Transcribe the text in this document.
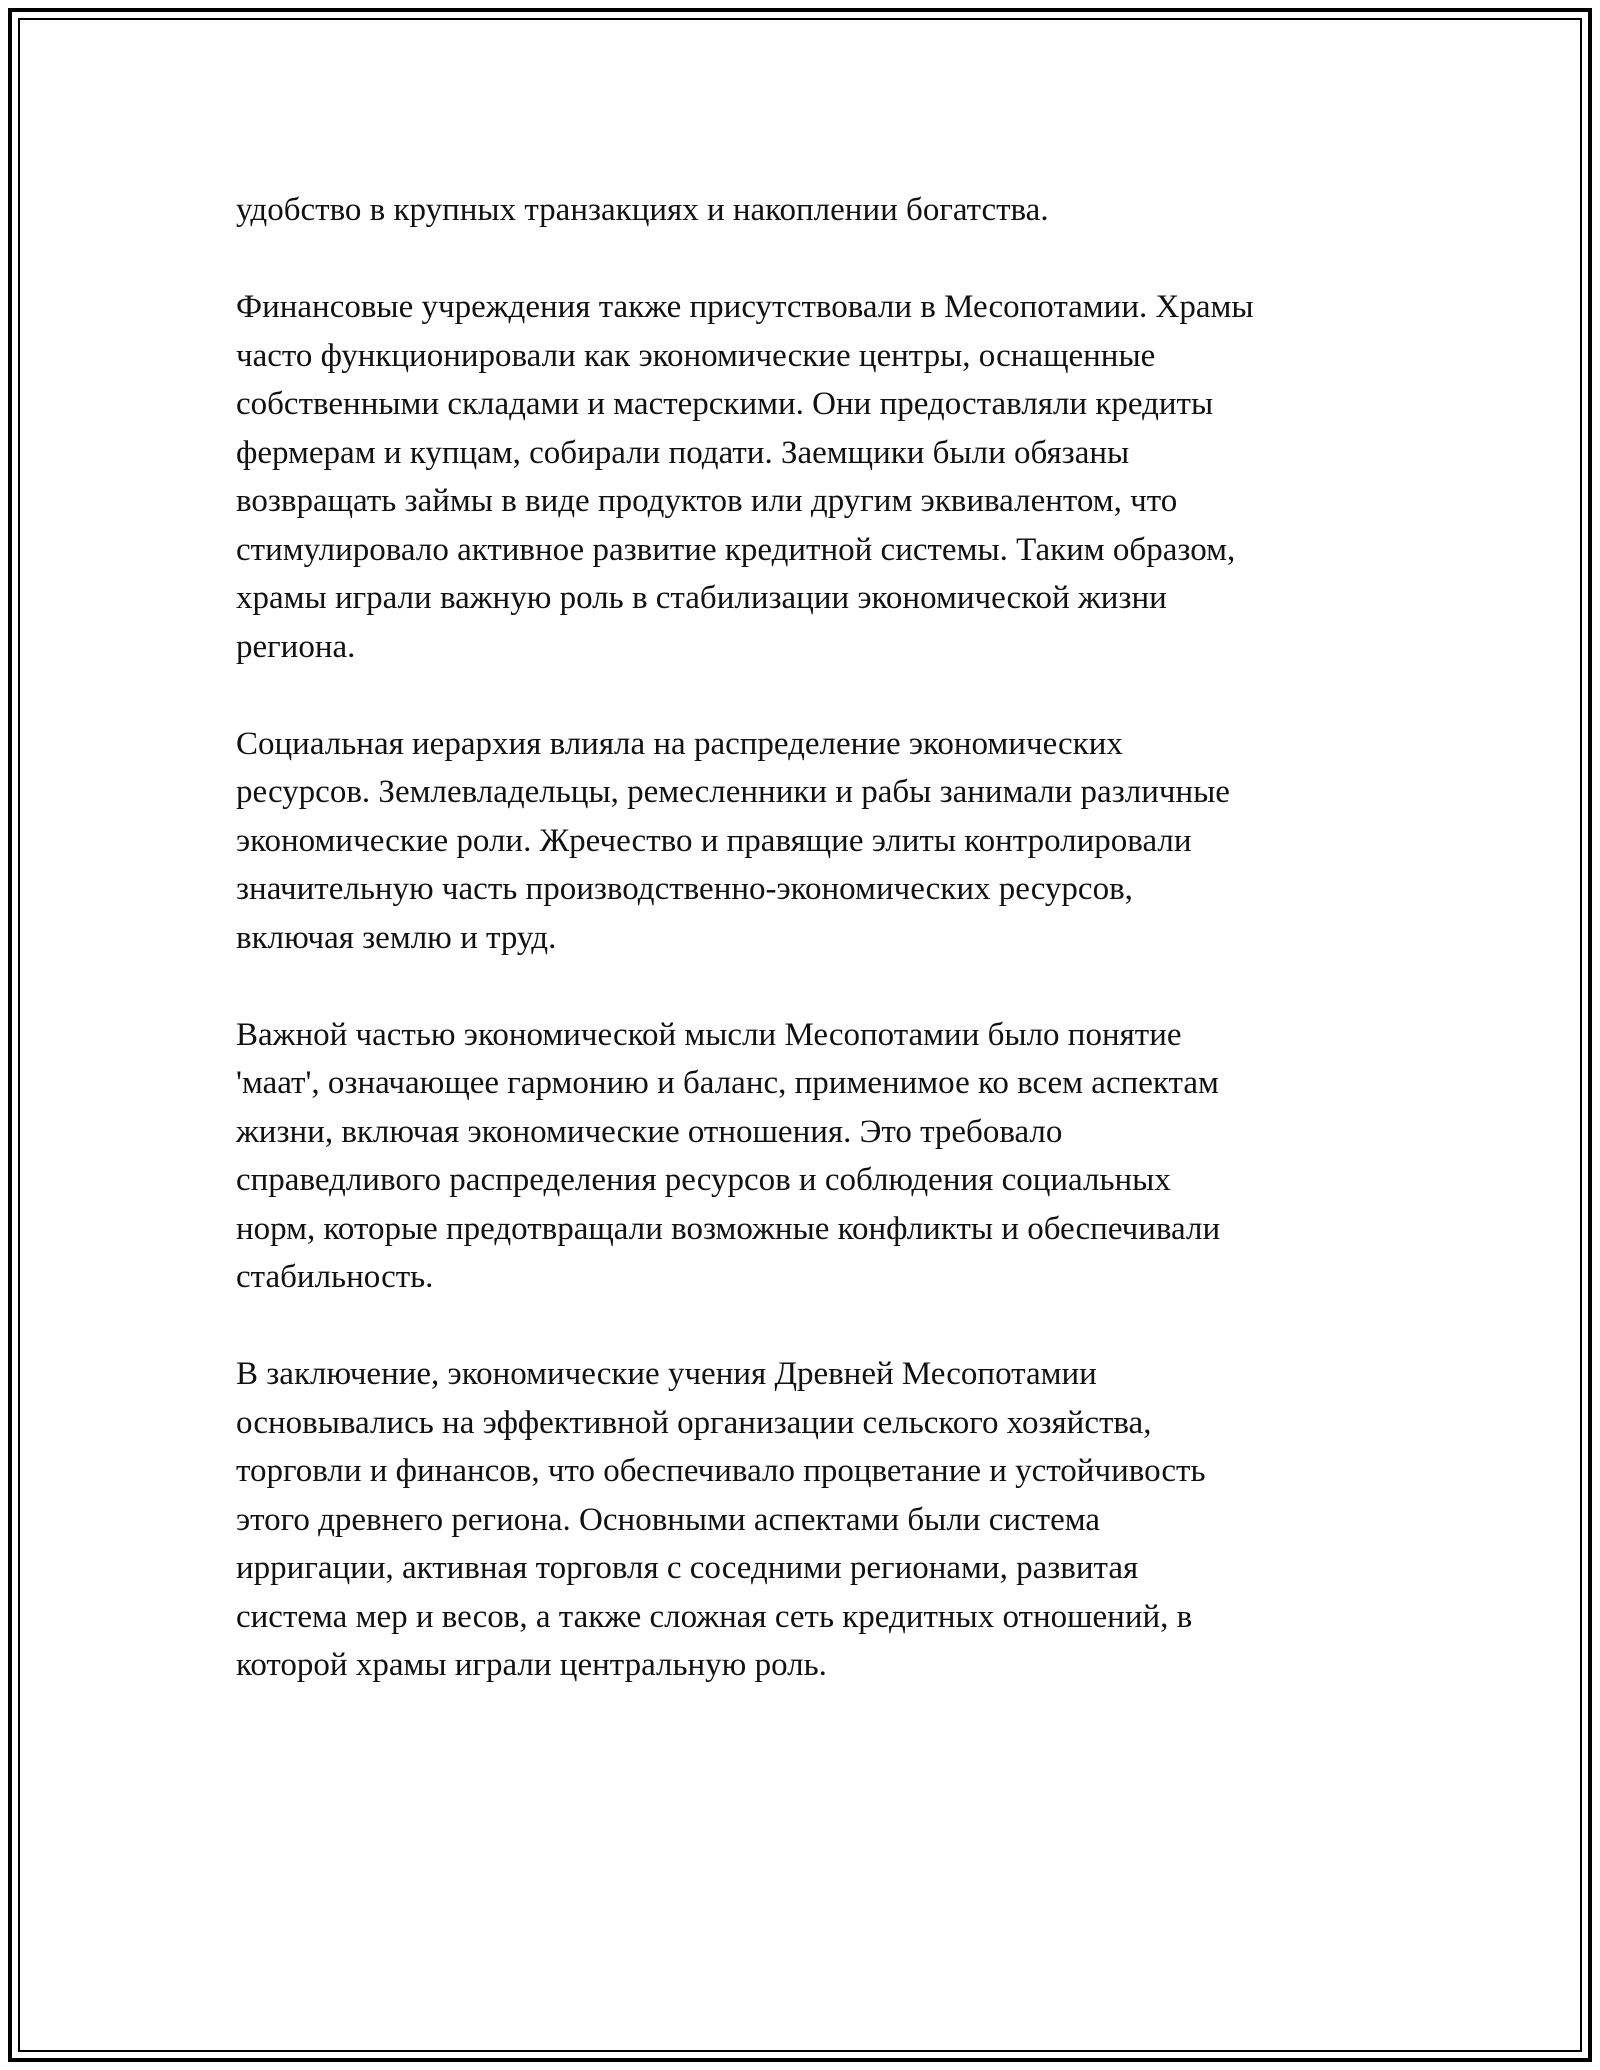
удобство в крупных транзакциях и накоплении богатства.

Финансовые учреждения также присутствовали в Месопотамии. Храмы
часто функционировали как экономические центры, оснащенные
собственными складами и мастерскими. Они предоставляли кредиты
фермерам и купцам, собирали подати. Заемщики были обязаны
возвращать займы в виде продуктов или другим эквивалентом, что
стимулировало активное развитие кредитной системы. Таким образом,
храмы играли важную роль в стабилизации экономической жизни
региона.

Социальная иерархия влияла на распределение экономических
ресурсов. Землевладельцы, ремесленники и рабы занимали различные
экономические роли. Жречество и правящие элиты контролировали
значительную часть производственно-экономических ресурсов,
включая землю и труд.

Важной частью экономической мысли Месопотамии было понятие
'маат', означающее гармонию и баланс, применимое ко всем аспектам
жизни, включая экономические отношения. Это требовало
справедливого распределения ресурсов и соблюдения социальных
норм, которые предотвращали возможные конфликты и обеспечивали
стабильность.

В заключение, экономические учения Древней Месопотамии
основывались на эффективной организации сельского хозяйства,
торговли и финансов, что обеспечивало процветание и устойчивость
этого древнего региона. Основными аспектами были система
ирригации, активная торговля с соседними регионами, развитая
система мер и весов, а также сложная сеть кредитных отношений, в
которой храмы играли центральную роль.
